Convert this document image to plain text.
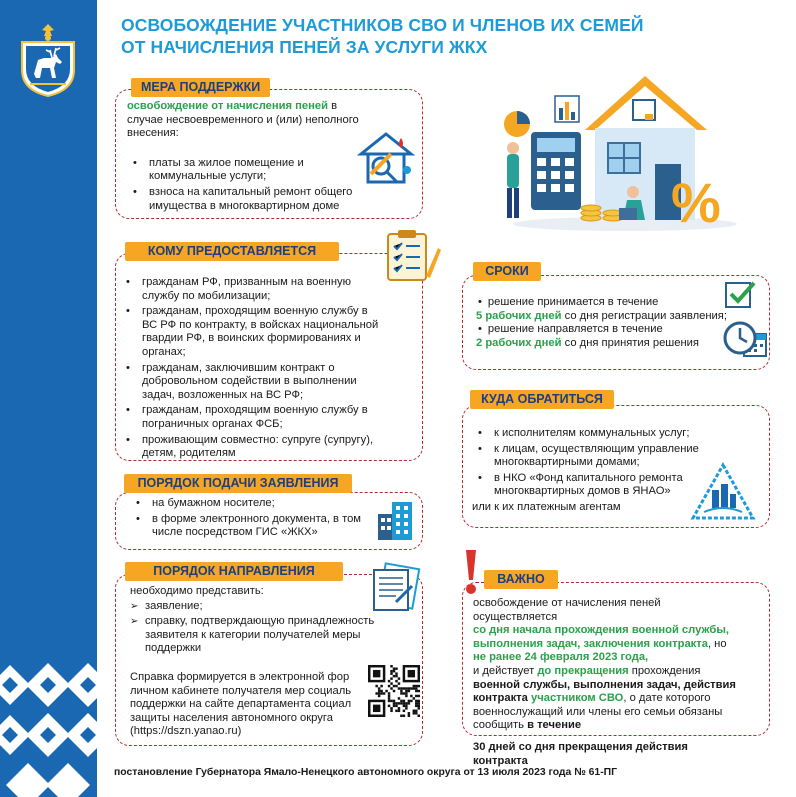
ОСВОБОЖДЕНИЕ УЧАСТНИКОВ СВО И ЧЛЕНОВ ИХ СЕМЕЙ
ОТ НАЧИСЛЕНИЯ ПЕНЕЙ ЗА УСЛУГИ ЖКХ
%
МЕРА ПОДДЕРЖКИ
освобождение от начисления пеней в случае несвоевременного и (или) неполного внесения:
• платы за жилое помещение и коммунальные услуги;
• взноса на капитальный ремонт общего имущества в многоквартирном доме
КОМУ ПРЕДОСТАВЛЯЕТСЯ
• гражданам РФ, призванным на военную службу по мобилизации;
• гражданам, проходящим военную службу в ВС РФ по контракту, в войсках национальной гвардии РФ, в воинских формированиях и органах;
• гражданам, заключившим контракт о добровольном содействии в выполнении задач, возложенных на ВС РФ;
• гражданам, проходящим военную службу в пограничных органах ФСБ;
• проживающим совместно: супруге (супругу), детям, родителям
ПОРЯДОК ПОДАЧИ ЗАЯВЛЕНИЯ
• на бумажном носителе;
• в форме электронного документа, в том
числе посредством ГИС «ЖКХ»
ПОРЯДОК НАПРАВЛЕНИЯ
необходимо представить:
➢ заявление;
➢ справку, подтверждающую принадлежность заявителя к категории получателей меры поддержки
Справка формируется в электронной фор
личном кабинете получателя мер социаль
поддержки на сайте департамента социал
защиты населения автономного округа
(https://dszn.yanao.ru)
СРОКИ
• решение принимается в течение
5 рабочих дней со дня регистрации заявления;
• решение направляется в течение
2 рабочих дней со дня принятия решения
КУДА ОБРАТИТЬСЯ
• к исполнителям коммунальных услуг;
• к лицам, осуществляющим управление многоквартирными домами;
• в НКО «Фонд капитального ремонта многоквартирных домов в ЯНАО»
или к их платежным агентам
ВАЖНО
освобождение от начисления пеней осуществляется
со дня начала прохождения военной службы, выполнения задач, заключения контракта, но
не ранее 24 февраля 2023 года,
и действует до прекращения прохождения
военной службы, выполнения задач, действия контракта участником СВО, о дате которого военнослужащий или члены его семьи обязаны сообщить в течение
30 дней со дня прекращения действия контракта
постановление Губернатора Ямало-Ненецкого автономного округа от 13 июля 2023 года № 61-ПГ
